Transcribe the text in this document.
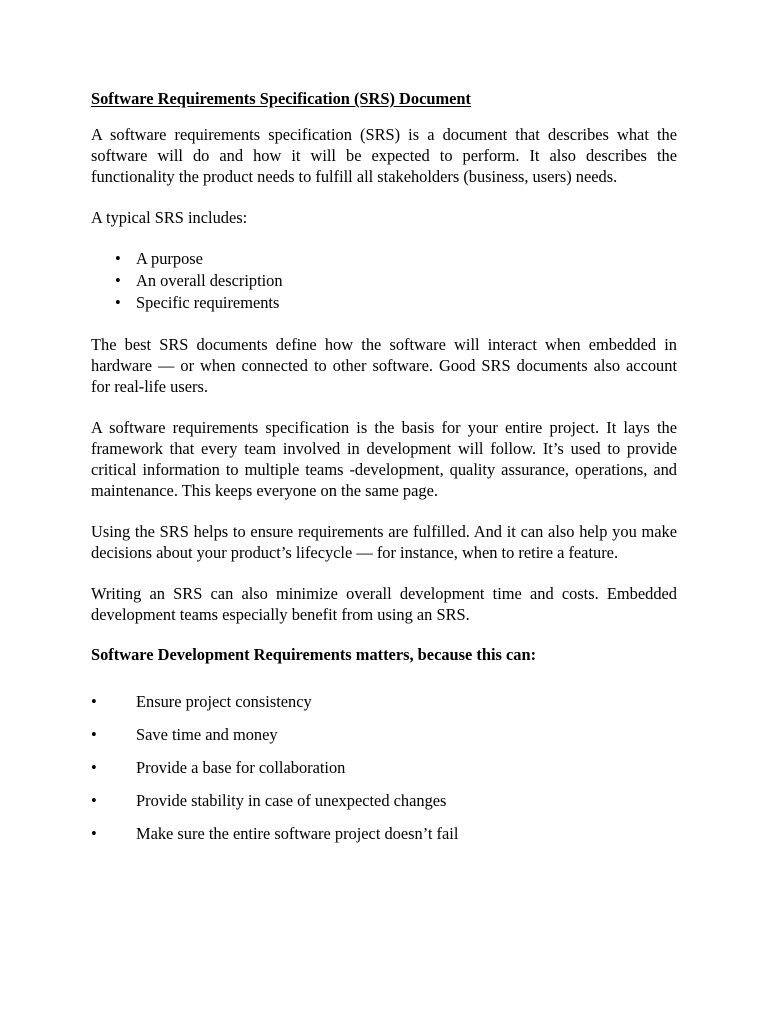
Software Requirements Specification (SRS) Document

A software requirements specification (SRS) is a document that describes what the software will do and how it will be expected to perform. It also describes the functionality the product needs to fulfill all stakeholders (business, users) needs.

A typical SRS includes:

• A purpose
• An overall description
• Specific requirements

The best SRS documents define how the software will interact when embedded in hardware — or when connected to other software. Good SRS documents also account for real-life users.

A software requirements specification is the basis for your entire project. It lays the framework that every team involved in development will follow. It’s used to provide critical information to multiple teams -development, quality assurance, operations, and maintenance. This keeps everyone on the same page.

Using the SRS helps to ensure requirements are fulfilled. And it can also help you make decisions about your product’s lifecycle — for instance, when to retire a feature.

Writing an SRS can also minimize overall development time and costs. Embedded development teams especially benefit from using an SRS.

Software Development Requirements matters, because this can:

• Ensure project consistency
• Save time and money
• Provide a base for collaboration
• Provide stability in case of unexpected changes
• Make sure the entire software project doesn’t fail
